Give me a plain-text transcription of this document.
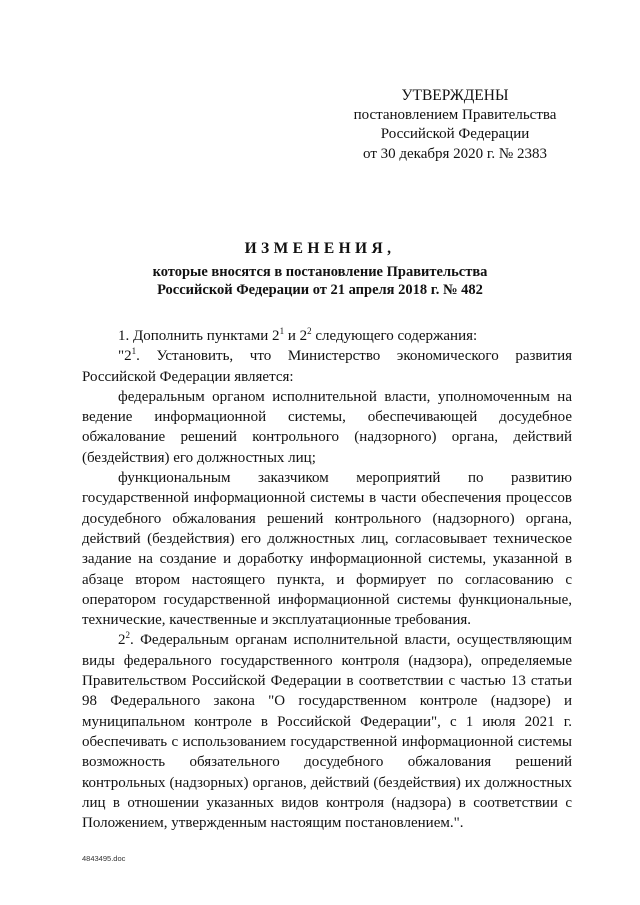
УТВЕРЖДЕНЫ
постановлением Правительства
Российской Федерации
от 30 декабря 2020 г. № 2383
ИЗМЕНЕНИЯ,
которые вносятся в постановление Правительства
Российской Федерации от 21 апреля 2018 г. № 482

1. Дополнить пунктами $2^1$ и $2^2$ следующего содержания:

"$2^1$. Установить, что Министерство экономического развития Российской Федерации является:

федеральным органом исполнительной власти, уполномоченным на ведение информационной системы, обеспечивающей досудебное обжалование решений контрольного (надзорного) органа, действий (бездействия) его должностных лиц;

функциональным заказчиком мероприятий по развитию государственной информационной системы в части обеспечения процессов досудебного обжалования решений контрольного (надзорного) органа, действий (бездействия) его должностных лиц, согласовывает техническое задание на создание и доработку информационной системы, указанной в абзаце втором настоящего пункта, и формирует по согласованию с оператором государственной информационной системы функциональные, технические, качественные и эксплуатационные требования.

$2^2$. Федеральным органам исполнительной власти, осуществляющим виды федерального государственного контроля (надзора), определяемые Правительством Российской Федерации в соответствии с частью 13 статьи 98 Федерального закона "О государственном контроле (надзоре) и муниципальном контроле в Российской Федерации", с 1 июля 2021 г. обеспечивать с использованием государственной информационной системы возможность обязательного досудебного обжалования решений контрольных (надзорных) органов, действий (бездействия) их должностных лиц в отношении указанных видов контроля (надзора) в соответствии с Положением, утвержденным настоящим постановлением.".

4843495.doc
